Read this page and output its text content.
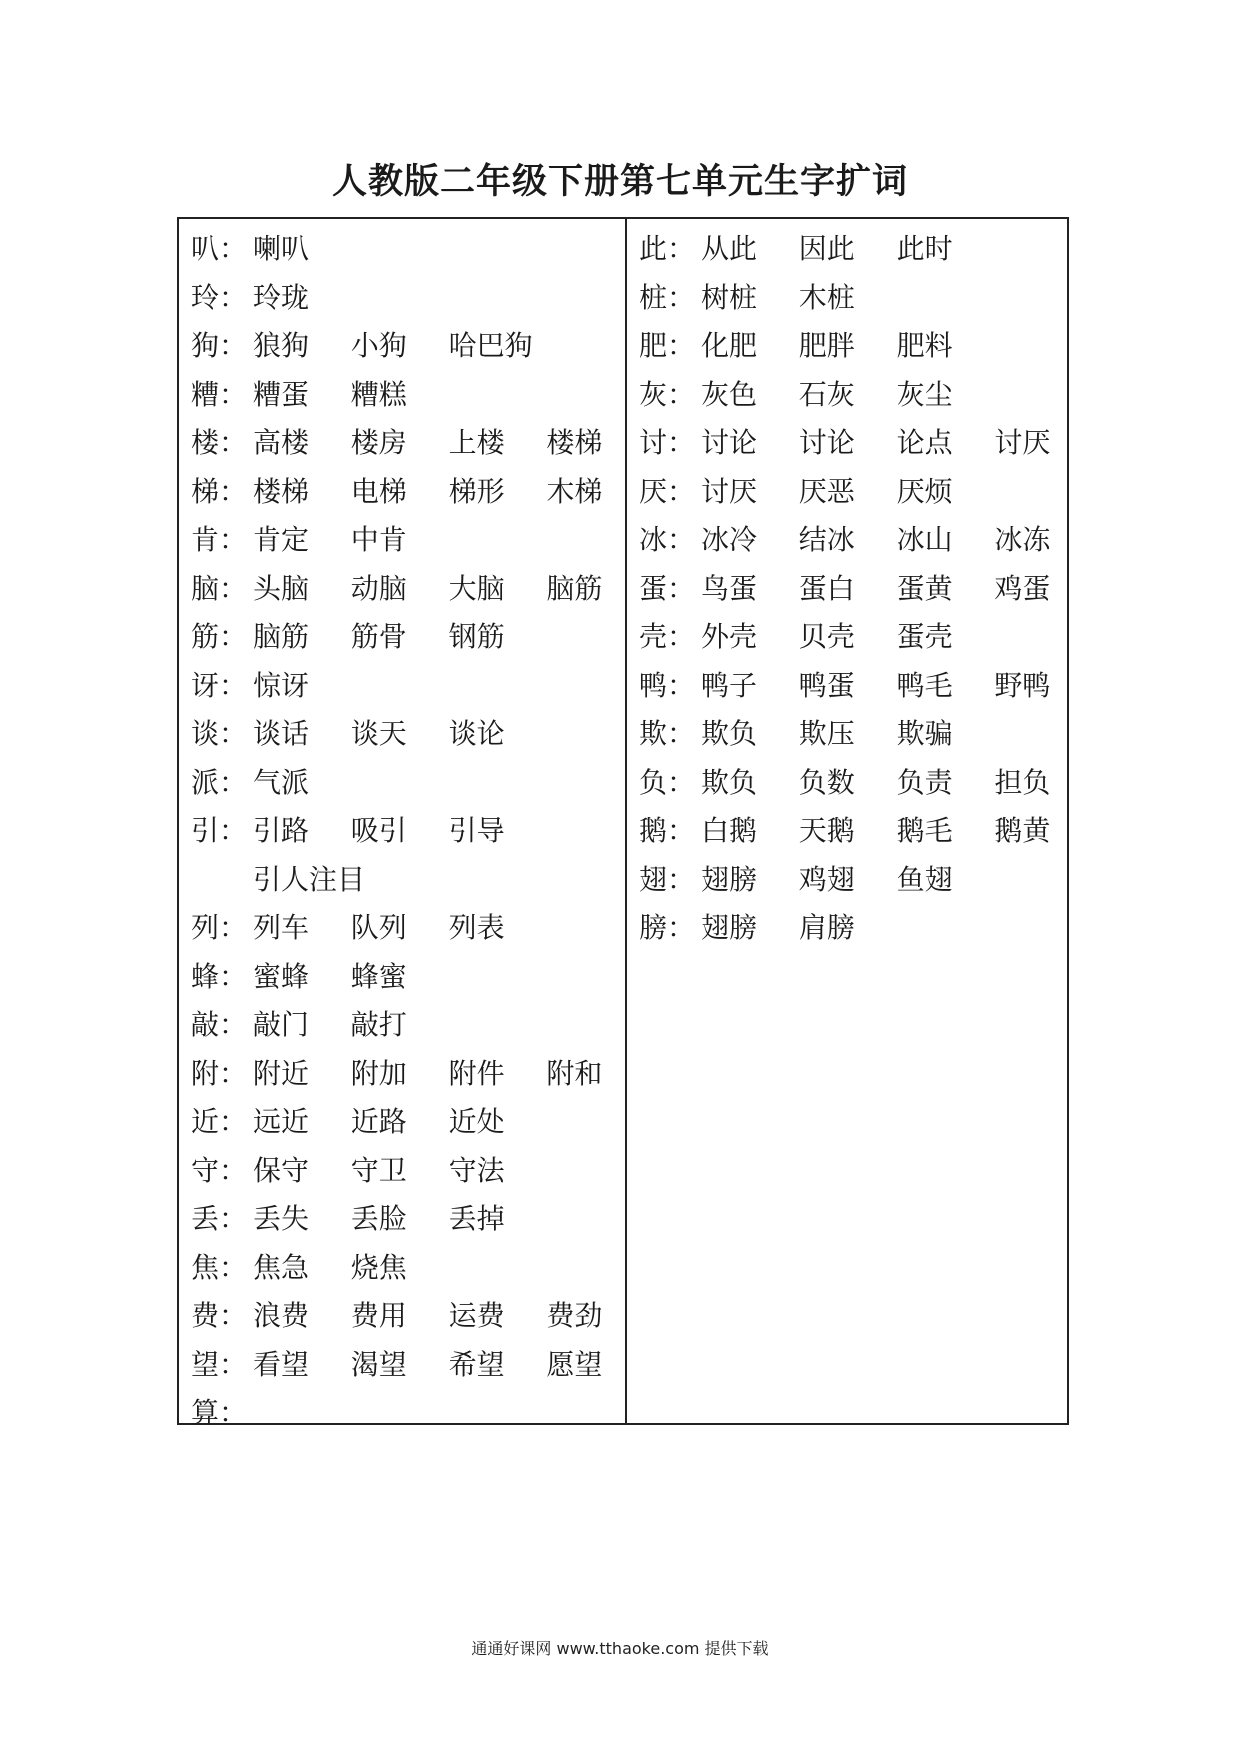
人教版二年级下册第七单元生字扩词
叭： 喇叭
玲： 玲珑
狗： 狼狗  小狗  哈巴狗
糟： 糟蛋  糟糕
楼： 高楼  楼房  上楼  楼梯
梯： 楼梯  电梯  梯形  木梯
肯： 肯定  中肯
脑： 头脑  动脑  大脑  脑筋
筋： 脑筋  筋骨  钢筋
讶： 惊讶
谈： 谈话  谈天  谈论
派： 气派
引： 引路  吸引  引导
引人注目
列： 列车  队列  列表
蜂： 蜜蜂  蜂蜜
敲： 敲门  敲打
附： 附近  附加  附件  附和
近： 远近  近路  近处
守： 保守  守卫  守法
丢： 丢失  丢脸  丢掉
焦： 焦急  烧焦
费： 浪费  费用  运费  费劲
望： 看望  渴望  希望  愿望
算：
此： 从此  因此  此时
桩： 树桩  木桩
肥： 化肥  肥胖  肥料
灰： 灰色  石灰  灰尘
讨： 讨论  讨论  论点  讨厌
厌： 讨厌  厌恶  厌烦
冰： 冰冷  结冰  冰山  冰冻
蛋： 鸟蛋  蛋白  蛋黄  鸡蛋
壳： 外壳  贝壳  蛋壳
鸭： 鸭子  鸭蛋  鸭毛  野鸭
欺： 欺负  欺压  欺骗
负： 欺负  负数  负责  担负
鹅： 白鹅  天鹅  鹅毛  鹅黄
翅： 翅膀  鸡翅  鱼翅
膀： 翅膀  肩膀
通通好课网 www.tthaoke.com 提供下载
